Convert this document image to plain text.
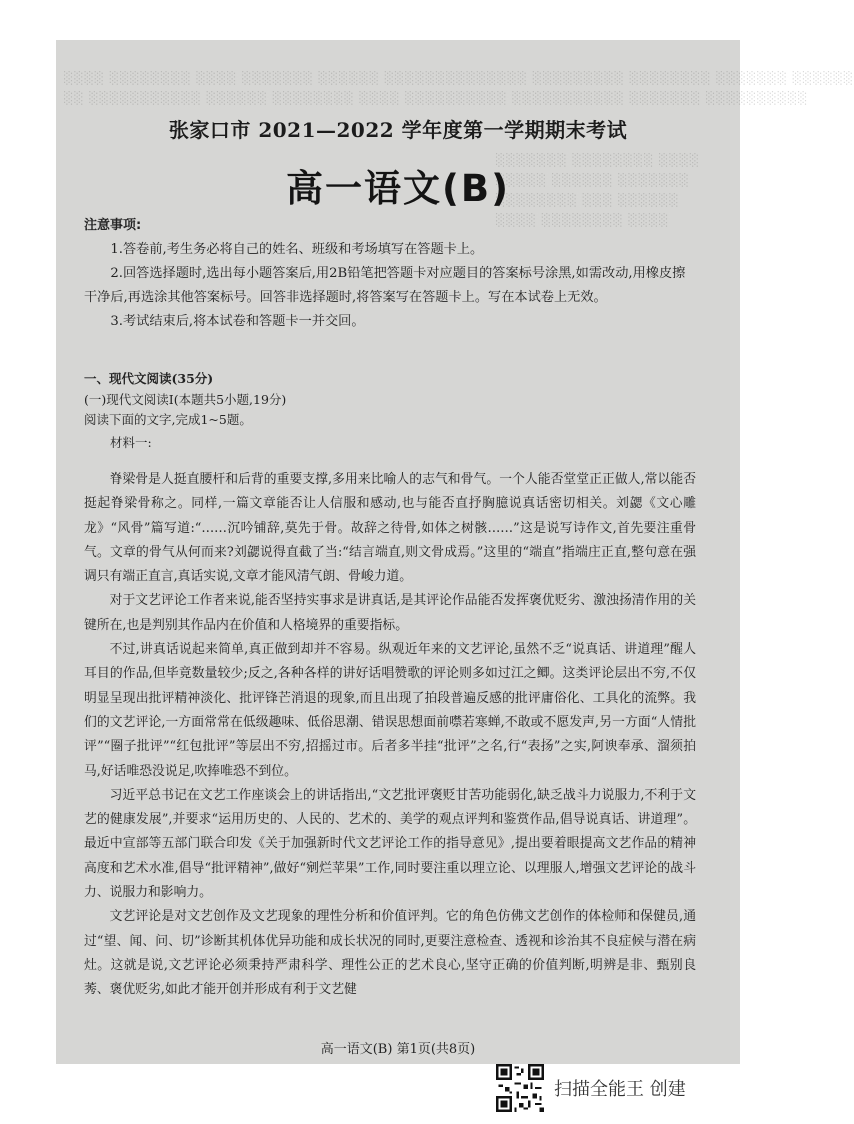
░░░░ ░░░░░░░░ ░░░░ ░░░░░░░ ░░░░░░ ░░░░░░░░░░░░░░ ░░░░░░░░░ ░░░░░░░░ ░░░░░░░ ░░░░░░
░░ ░░░░░░░░░░░ ░░░░░░ ░░░░░░░░ ░░░░ ░░░░░░░░░░ ░░░░░░░░░░░ ░░░░░░░ ░░░░░░░░░░
░░░░░░░ ░░░░░░░░ ░░░░
░░░░░ ░░░░░░ ░░░░░░░
░░░░░░░░ ░░░ ░░░░░░
░░░░ ░░░░░░░░ ░░░░
张家口市 2021—2022 学年度第一学期期末考试
高一语文(B)
注意事项:

1.答卷前,考生务必将自己的姓名、班级和考场填写在答题卡上。

2.回答选择题时,选出每小题答案后,用2B铅笔把答题卡对应题目的答案标号涂黑,如需改动,用橡皮擦干净后,再选涂其他答案标号。回答非选择题时,将答案写在答题卡上。写在本试卷上无效。

3.考试结束后,将本试卷和答题卡一并交回。

一、现代文阅读(35分)
(一)现代文阅读Ⅰ(本题共5小题,19分)
阅读下面的文字,完成1~5题。
材料一:

脊梁骨是人挺直腰杆和后背的重要支撑,多用来比喻人的志气和骨气。一个人能否堂堂正正做人,常以能否挺起脊梁骨称之。同样,一篇文章能否让人信服和感动,也与能否直抒胸臆说真话密切相关。刘勰《文心雕龙》“风骨”篇写道:“……沉吟铺辞,莫先于骨。故辞之待骨,如体之树骸……”这是说写诗作文,首先要注重骨气。文章的骨气从何而来?刘勰说得直截了当:“结言端直,则文骨成焉。”这里的“端直”指端庄正直,整句意在强调只有端正直言,真话实说,文章才能风清气朗、骨峻力道。

对于文艺评论工作者来说,能否坚持实事求是讲真话,是其评论作品能否发挥褒优贬劣、激浊扬清作用的关键所在,也是判别其作品内在价值和人格境界的重要指标。

不过,讲真话说起来简单,真正做到却并不容易。纵观近年来的文艺评论,虽然不乏“说真话、讲道理”醒人耳目的作品,但毕竟数量较少;反之,各种各样的讲好话唱赞歌的评论则多如过江之鲫。这类评论层出不穷,不仅明显呈现出批评精神淡化、批评锋芒消退的现象,而且出现了拍段普遍反感的批评庸俗化、工具化的流弊。我们的文艺评论,一方面常常在低级趣味、低俗思潮、错误思想面前噤若寒蝉,不敢或不愿发声,另一方面“人情批评”“圈子批评”“红包批评”等层出不穷,招摇过市。后者多半挂“批评”之名,行“表扬”之实,阿谀奉承、溜须拍马,好话唯恐没说足,吹捧唯恐不到位。

习近平总书记在文艺工作座谈会上的讲话指出,“文艺批评褒贬甘苦功能弱化,缺乏战斗力说服力,不利于文艺的健康发展”,并要求“运用历史的、人民的、艺术的、美学的观点评判和鉴赏作品,倡导说真话、讲道理”。最近中宣部等五部门联合印发《关于加强新时代文艺评论工作的指导意见》,提出要着眼提高文艺作品的精神高度和艺术水准,倡导“批评精神”,做好“剜烂苹果”工作,同时要注重以理立论、以理服人,增强文艺评论的战斗力、说服力和影响力。

文艺评论是对文艺创作及文艺现象的理性分析和价值评判。它的角色仿佛文艺创作的体检师和保健员,通过“望、闻、问、切”诊断其机体优异功能和成长状况的同时,更要注意检查、透视和诊治其不良症候与潜在病灶。这就是说,文艺评论必须秉持严肃科学、理性公正的艺术良心,坚守正确的价值判断,明辨是非、甄别良莠、褒优贬劣,如此才能开创并形成有利于文艺健

高一语文(B) 第1页(共8页)
扫描全能王 创建
